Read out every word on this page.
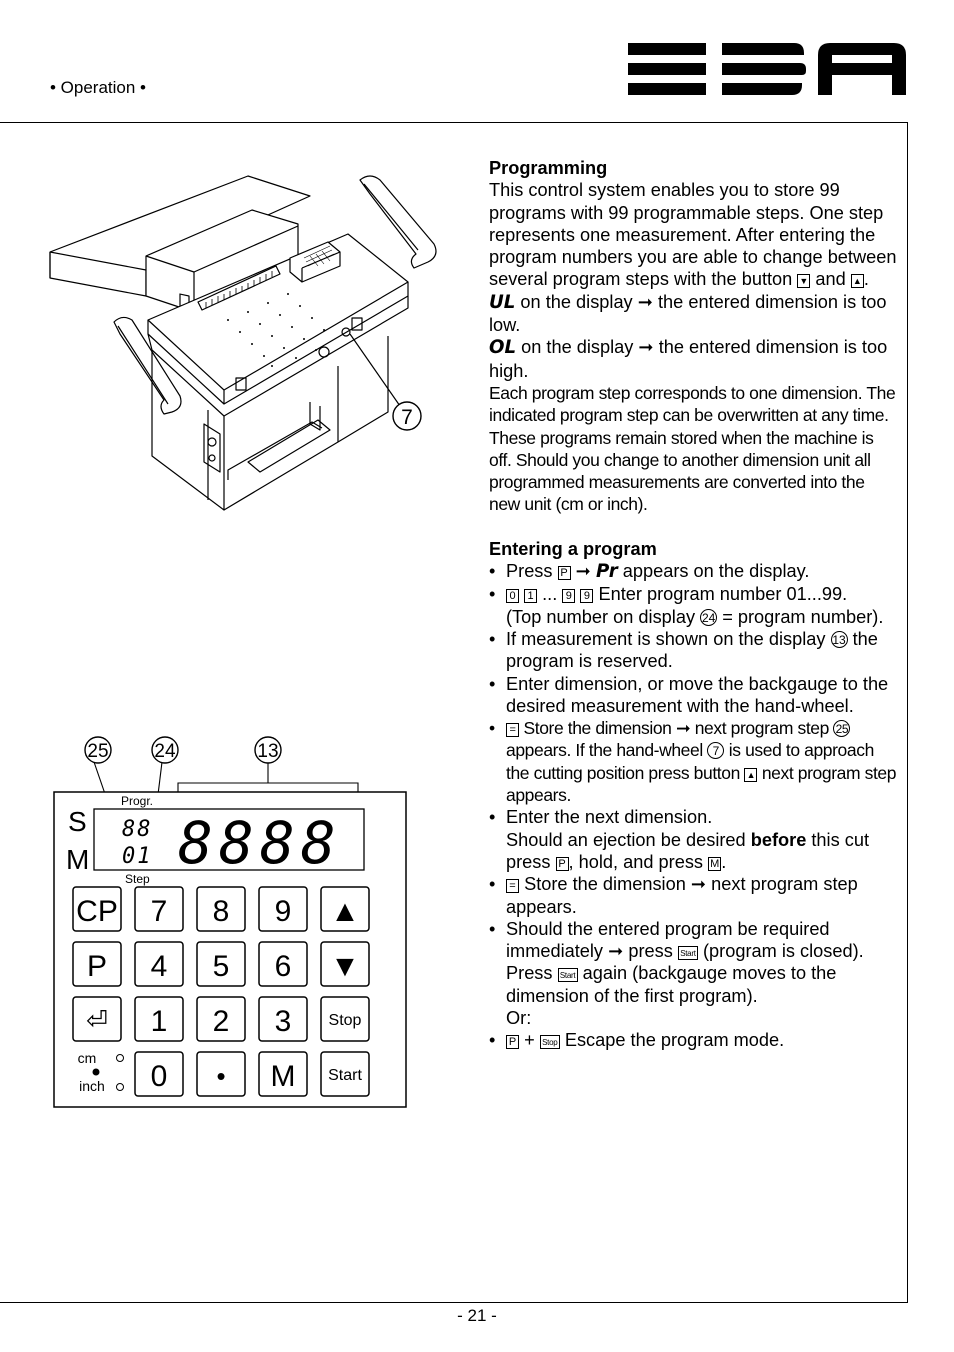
• Operation •
7
25 24	13
Progr.
Step
S
M
88
01 8888
CP 7 8 9 ▲
P 4 5 6 ▼
⏎ 1 2 3 Stop
0 • M Start
cm
inch

Programming

This control system enables you to store 99 programs with 99 programmable steps. One step represents one measurement. After entering the program numbers you are able to change between several program steps with the button ▼ and ▲ .

UL on the display ➞ the entered dimension is too low.

OL on the display ➞ the entered dimension is too high.

Each program step corresponds to one dimension. The indicated program step can be overwritten at any time. These programs remain stored when the machine is off. Should you change to another dimension unit all programmed measurements are converted into the new unit (cm or inch).

Entering a program

• Press P ➞ Pr appears on the display.
• 0 1 ... 9 9 Enter program number 01...99.
(Top number on display 24 = program number).
• If measurement is shown on the display 13 the program is reserved.
• Enter dimension, or move the backgauge to the desired measurement with the hand-wheel.
• = Store the dimension ➞ next program step 25 appears. If the hand-wheel 7 is used to approach the cutting position press button ▲ next program step appears.
• Enter the next dimension.
Should an ejection be desired before this cut press P , hold, and press M .
• = Store the dimension ➞ next program step appears.
• Should the entered program be required immediately ➞ press Start (program is closed). Press Start again (backgauge moves to the dimension of the first program).
Or:
• P + Stop Escape the program mode.
- 21 -
